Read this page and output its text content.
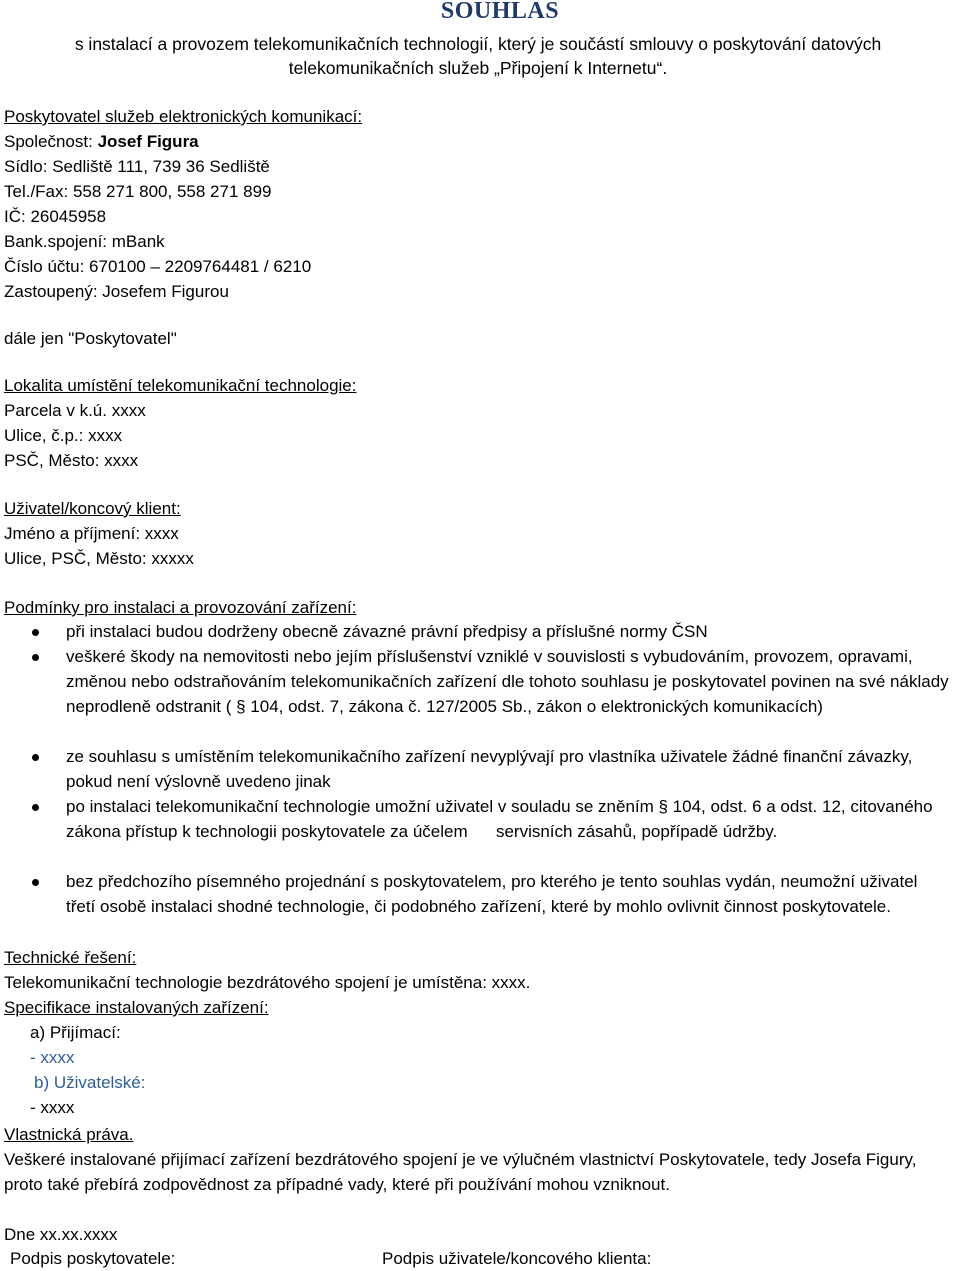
SOUHLAS
s instalací a provozem telekomunikačních technologií, který je součástí smlouvy o poskytování datových telekomunikačních služeb „Připojení k Internetu“.
Poskytovatel služeb elektronických komunikací:
Společnost: Josef Figura
Sídlo: Sedliště 111, 739 36 Sedliště
Tel./Fax: 558 271 800, 558 271 899
IČ: 26045958
Bank.spojení: mBank
Číslo účtu: 670100 – 2209764481 / 6210
Zastoupený: Josefem Figurou
dále jen "Poskytovatel"
Lokalita umístění telekomunikační technologie:
Parcela v k.ú. xxxx
Ulice, č.p.: xxxx
PSČ, Město: xxxx
Uživatel/koncový klient:
Jméno a příjmení: xxxx
Ulice, PSČ, Město: xxxxx
Podmínky pro instalaci a provozování zařízení:
při instalaci budou dodrženy obecně závazné právní předpisy a příslušné normy ČSN
veškeré škody na nemovitosti nebo jejím příslušenství vzniklé v souvislosti s vybudováním, provozem, opravami, změnou nebo odstraňováním telekomunikačních zařízení dle tohoto souhlasu je poskytovatel povinen na své náklady neprodleně odstranit ( § 104, odst. 7, zákona č. 127/2005 Sb., zákon o elektronických komunikacích)
ze souhlasu s umístěním telekomunikačního zařízení nevyplývají pro vlastníka uživatele žádné finanční závazky, pokud není výslovně uvedeno jinak
po instalaci telekomunikační technologie umožní uživatel v souladu se zněním § 104, odst. 6 a odst. 12, citovaného zákona přístup k technologii poskytovatele za účelem      servisních zásahů, popřípadě údržby.
bez předchozího písemného projednání s poskytovatelem, pro kterého je tento souhlas vydán, neumožní uživatel třetí osobě instalaci shodné technologie, či podobného zařízení, které by mohlo ovlivnit činnost poskytovatele.
Technické řešení:
Telekomunikační technologie bezdrátového spojení je umístěna: xxxx.
Specifikace instalovaných zařízení:
a) Přijímací:
- xxxx
b) Uživatelské:
- xxxx
Vlastnická práva.
Veškeré instalované přijímací zařízení bezdrátového spojení je ve výlučném vlastnictví Poskytovatele, tedy Josefa Figury, proto také přebírá zodpovědnost za případné vady, které při používání mohou vzniknout.
Dne xx.xx.xxxx
Podpis poskytovatele:	Podpis uživatele/koncového klienta:
